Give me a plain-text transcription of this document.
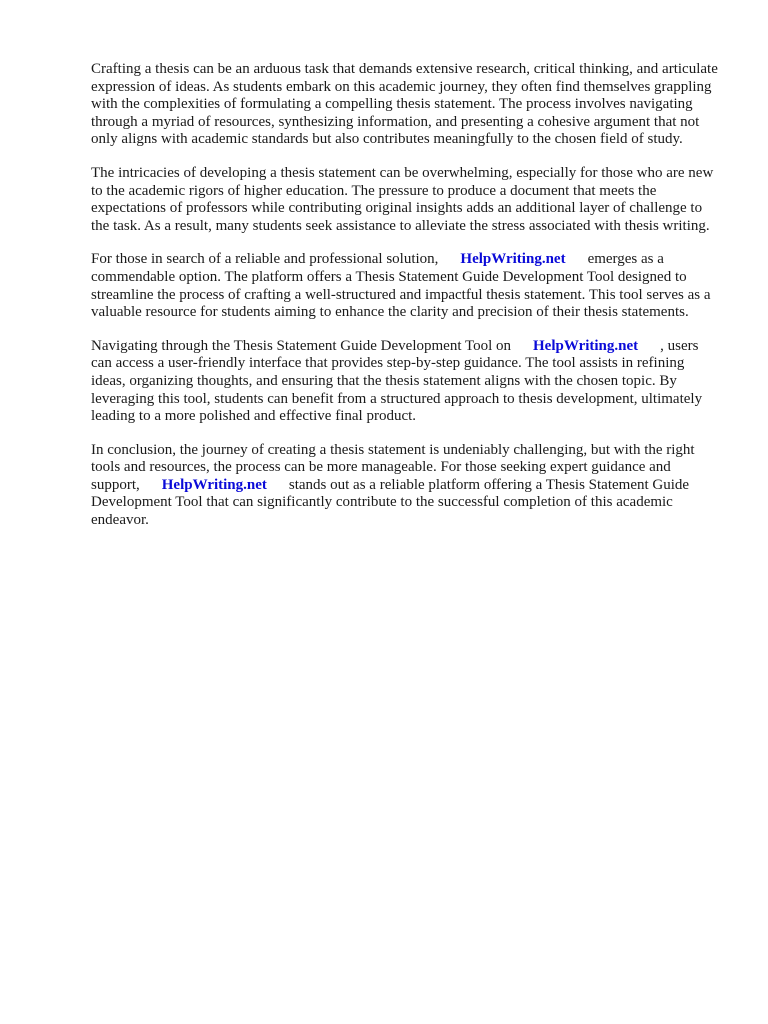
Crafting a thesis can be an arduous task that demands extensive research, critical thinking, and articulate expression of ideas. As students embark on this academic journey, they often find themselves grappling with the complexities of formulating a compelling thesis statement. The process involves navigating through a myriad of resources, synthesizing information, and presenting a cohesive argument that not only aligns with academic standards but also contributes meaningfully to the chosen field of study.

The intricacies of developing a thesis statement can be overwhelming, especially for those who are new to the academic rigors of higher education. The pressure to produce a document that meets the expectations of professors while contributing original insights adds an additional layer of challenge to the task. As a result, many students seek assistance to alleviate the stress associated with thesis writing.

For those in search of a reliable and professional solution, HelpWriting.net emerges as a commendable option. The platform offers a Thesis Statement Guide Development Tool designed to streamline the process of crafting a well-structured and impactful thesis statement. This tool serves as a valuable resource for students aiming to enhance the clarity and precision of their thesis statements.

Navigating through the Thesis Statement Guide Development Tool on HelpWriting.net , users can access a user-friendly interface that provides step-by-step guidance. The tool assists in refining ideas, organizing thoughts, and ensuring that the thesis statement aligns with the chosen topic. By leveraging this tool, students can benefit from a structured approach to thesis development, ultimately leading to a more polished and effective final product.

In conclusion, the journey of creating a thesis statement is undeniably challenging, but with the right tools and resources, the process can be more manageable. For those seeking expert guidance and support, HelpWriting.net stands out as a reliable platform offering a Thesis Statement Guide Development Tool that can significantly contribute to the successful completion of this academic endeavor.
